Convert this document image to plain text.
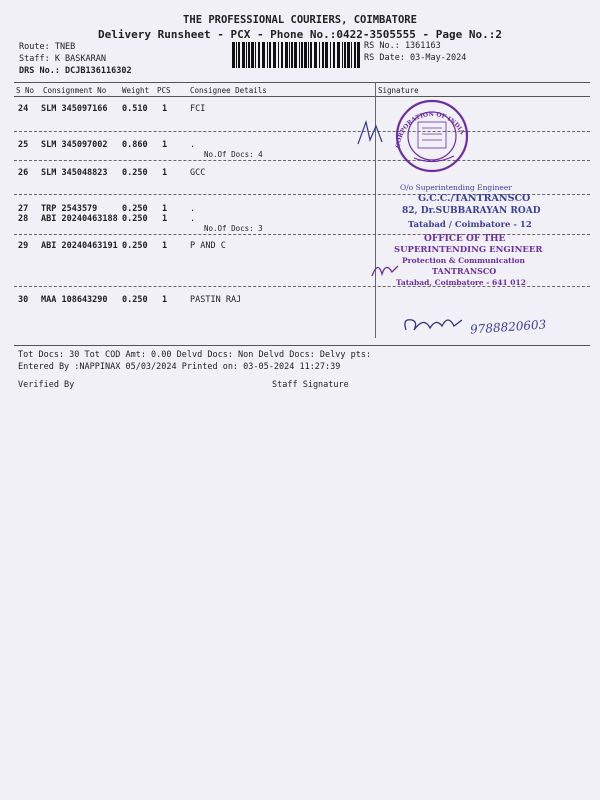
THE PROFESSIONAL COURIERS, COIMBATORE
Delivery Runsheet - PCX - Phone No.:0422-3505555 - Page No.:2
Route: TNEB
Staff: K BASKARAN
DRS No.: DCJB136116302
RS No.: 1361163
RS Date: 03-May-2024
S No Consignment No Weight PCS	Consignee Details	Signature
24 SLM 345097166 0.510 1	FCI
25 SLM 345097002 0.860 1	.
No.Of Docs: 4
26 SLM 345048823 0.250 1	GCC
27 TRP 2543579	0.250 1	.
28 ABI 20240463188 0.250 1	.
No.Of Docs: 3
29 ABI 20240463191 0.250 1	P AND C
30 MAA 108643290 0.250 1	PASTIN RAJ
Tot Docs: 30 Tot COD Amt: 0.00 Delvd Docs: Non Delvd Docs: Delvy pts:
Entered By :NAPPINAX 05/03/2024 Printed on: 03-05-2024 11:27:39
Verified By	Staff Signature
CORPORATION OF INDIA
O/o Superintending Engineer
G.C.C./TANTRANSCO
82, Dr.SUBBARAYAN ROAD
Tatabad / Coimbatore - 12
OFFICE OF THE
SUPERINTENDING ENGINEER
Protection & Communication
TANTRANSCO
Tatabad, Coimbatore - 641 012
9788820603
